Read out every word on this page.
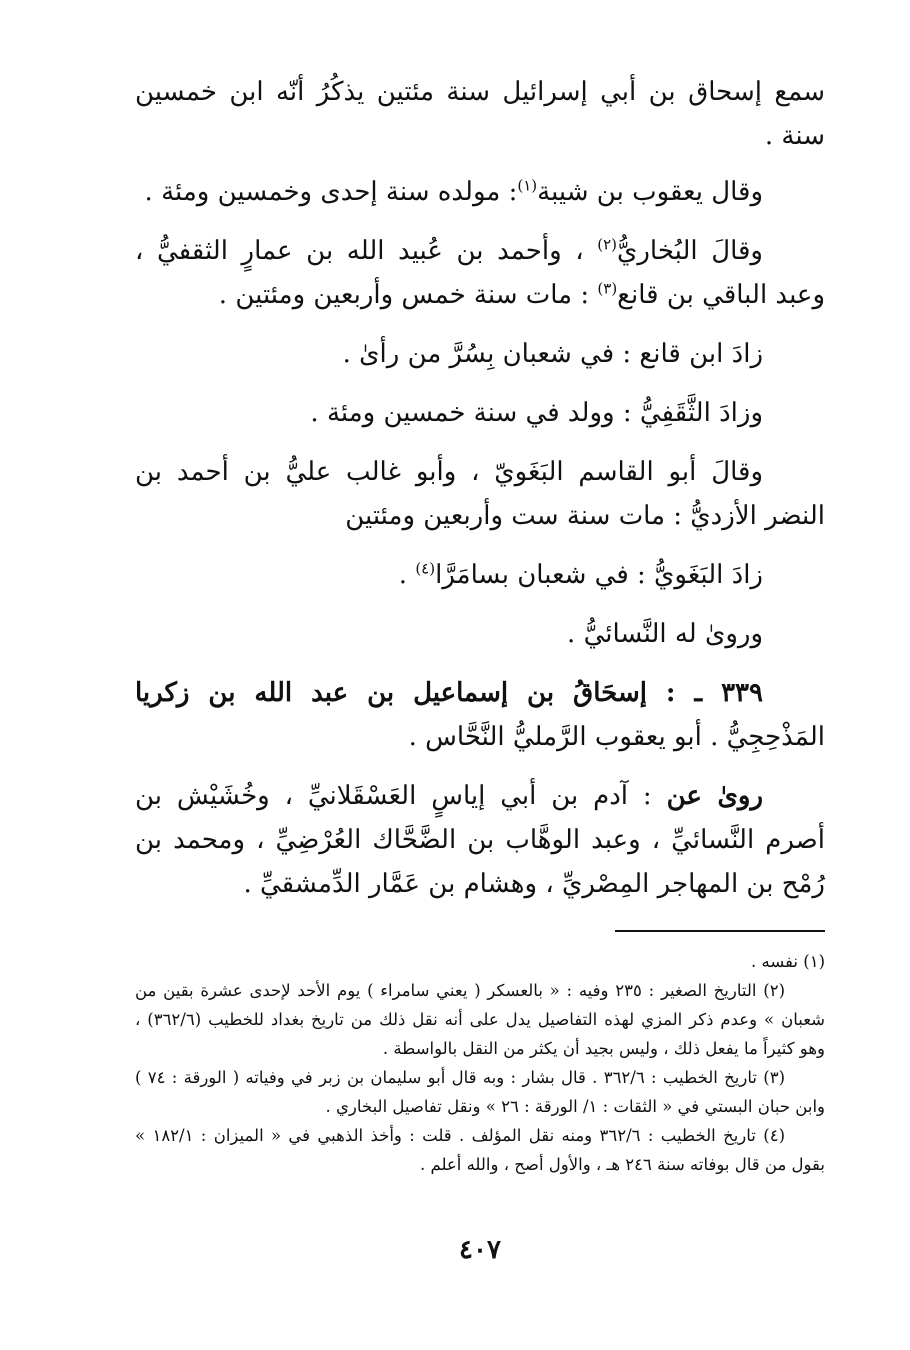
سمع إسحاق بن أبي إسرائيل سنة مئتين يذكُرُ أنّه ابن خمسين سنة .

وقال يعقوب بن شيبة$^{(١)}$: مولده سنة إحدى وخمسين ومئة .

وقالَ البُخاريُّ$^{(٢)}$ ، وأحمد بن عُبيد الله بن عمارٍ الثقفيُّ ، وعبد الباقي بن قانع$^{(٣)}$ : مات سنة خمس وأربعين ومئتين .

زادَ ابن قانع : في شعبان بِسُرَّ من رأىٰ .

وزادَ الثَّقَفِيُّ : وولد في سنة خمسين ومئة .

وقالَ أبو القاسم البَغَويّ ، وأبو غالب عليُّ بن أحمد بن النضر الأزديُّ : مات سنة ست وأربعين ومئتين

زادَ البَغَويُّ : في شعبان بسامَرَّا$^{(٤)}$ .

ورویٰ له النَّسائيُّ .

٣٣٩ ـ : إسحَاقُ بن إسماعيل بن عبد الله بن زكريا المَذْحِجِيُّ . أبو يعقوب الرَّمليُّ النَّحَّاس .

رویٰ عن : آدم بن أبي إياسٍ العَسْقَلانيِّ ، وخُشَيْش بن أصرم النَّسائيِّ ، وعبد الوهَّاب بن الضَّحَّاك العُرْضِيِّ ، ومحمد بن رُمْح بن المهاجر المِصْريِّ ، وهشام بن عَمَّار الدِّمشقيِّ .

(١) نفسه .

(٢) التاريخ الصغير : ٢٣٥ وفيه : « بالعسكر ( يعني سامراء ) يوم الأحد لإحدى عشرة بقين من شعبان » وعدم ذكر المزي لهذه التفاصيل يدل على أنه نقل ذلك من تاريخ بغداد للخطيب (٣٦٢/٦) ، وهو كثيراً ما يفعل ذلك ، وليس بجيد أن يكثر من النقل بالواسطة .

(٣) تاريخ الخطيب : ٣٦٢/٦ . قال بشار : وبه قال أبو سليمان بن زبر في وفياته ( الورقة : ٧٤ ) وابن حبان البستي في « الثقات : ١/ الورقة : ٢٦ » ونقل تفاصيل البخاري .

(٤) تاريخ الخطيب : ٣٦٢/٦ ومنه نقل المؤلف . قلت : وأخذ الذهبي في « الميزان : ١٨٢/١ » بقول من قال بوفاته سنة ٢٤٦ هـ ، والأول أصح ، والله أعلم .

٤٠٧
